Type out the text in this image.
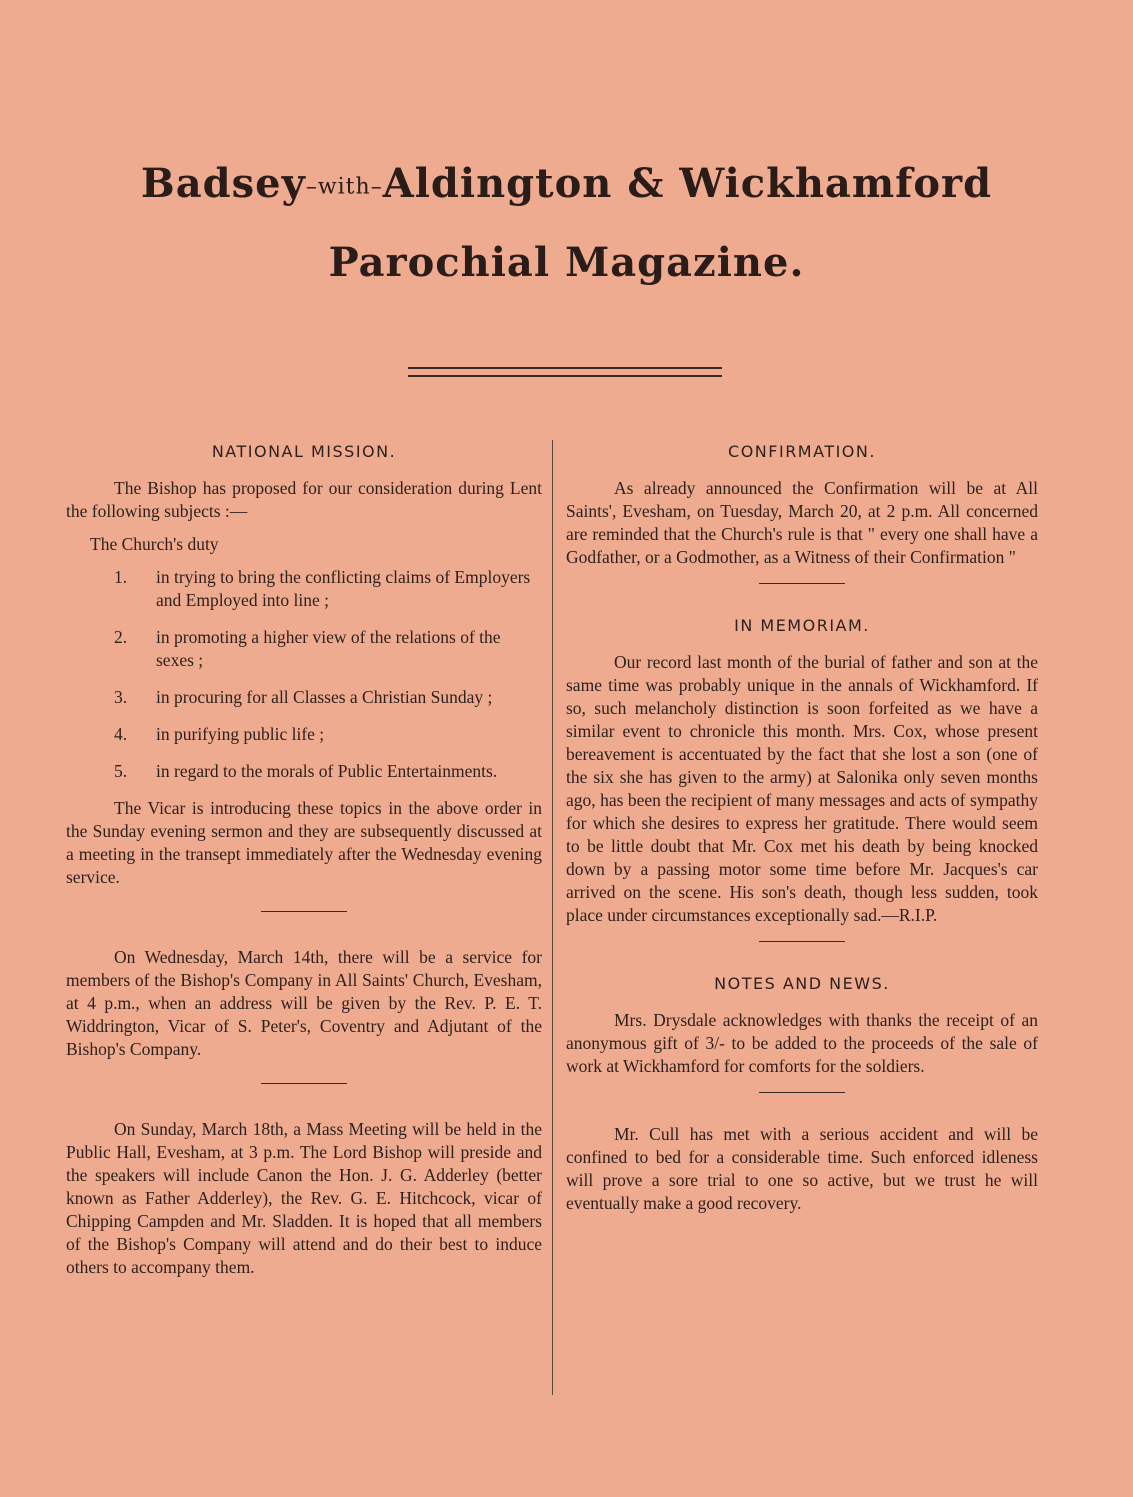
Badsey–with–Aldington & Wickhamford
Parochial Magazine.
NATIONAL MISSION.

The Bishop has proposed for our consideration during Lent the following subjects :—

The Church's duty

1. in trying to bring the conflicting claims of Employers and Employed into line ;
2. in promoting a higher view of the relations of the sexes ;
3. in procuring for all Classes a Christian Sunday ;
4. in purifying public life ;
5. in regard to the morals of Public Entertainments.

The Vicar is introducing these topics in the above order in the Sunday evening sermon and they are subsequently discussed at a meeting in the transept immediately after the Wednesday evening service.

On Wednesday, March 14th, there will be a service for members of the Bishop's Company in All Saints' Church, Evesham, at 4 p.m., when an address will be given by the Rev. P. E. T. Widdrington, Vicar of S. Peter's, Coventry and Adjutant of the Bishop's Company.

On Sunday, March 18th, a Mass Meeting will be held in the Public Hall, Evesham, at 3 p.m. The Lord Bishop will preside and the speakers will include Canon the Hon. J. G. Adderley (better known as Father Adderley), the Rev. G. E. Hitchcock, vicar of Chipping Campden and Mr. Sladden. It is hoped that all members of the Bishop's Company will attend and do their best to induce others to accompany them.

CONFIRMATION.

As already announced the Confirmation will be at All Saints', Evesham, on Tuesday, March 20, at 2 p.m. All concerned are reminded that the Church's rule is that " every one shall have a Godfather, or a Godmother, as a Witness of their Confirmation "

IN MEMORIAM.

Our record last month of the burial of father and son at the same time was probably unique in the annals of Wickhamford. If so, such melancholy distinction is soon forfeited as we have a similar event to chronicle this month. Mrs. Cox, whose present bereavement is accentuated by the fact that she lost a son (one of the six she has given to the army) at Salonika only seven months ago, has been the recipient of many messages and acts of sympathy for which she desires to express her gratitude. There would seem to be little doubt that Mr. Cox met his death by being knocked down by a passing motor some time before Mr. Jacques's car arrived on the scene. His son's death, though less sudden, took place under circumstances exceptionally sad.—R.I.P.

NOTES AND NEWS.

Mrs. Drysdale acknowledges with thanks the receipt of an anonymous gift of 3/- to be added to the proceeds of the sale of work at Wickhamford for comforts for the soldiers.

Mr. Cull has met with a serious accident and will be confined to bed for a considerable time. Such enforced idleness will prove a sore trial to one so active, but we trust he will eventually make a good recovery.
